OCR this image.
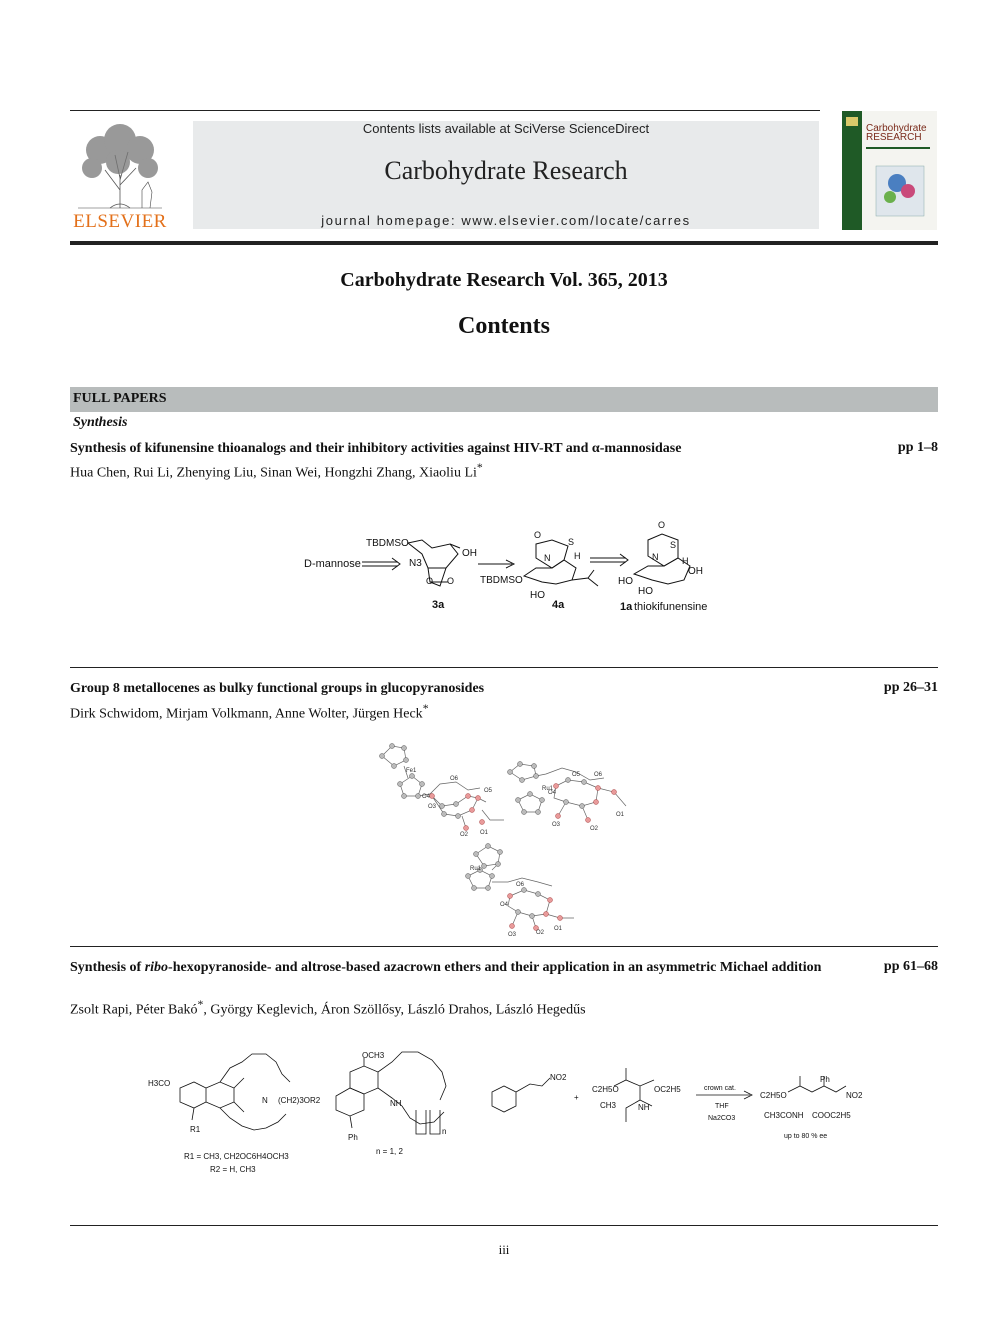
ELSEVIER
Contents lists available at SciVerse ScienceDirect
Carbohydrate Research
journal homepage: www.elsevier.com/locate/carres
Carbohydrate
RESEARCH
Carbohydrate Research Vol. 365, 2013
Contents
FULL PAPERS
Synthesis
Synthesis of kifunensine thioanalogs and their inhibitory activities against HIV-RT and α-mannosidase	pp 1–8
Hua Chen, Rui Li, Zhenying Liu, Sinan Wei, Hongzhi Zhang, Xiaoliu Li*
D-mannose
TBDMSO
OH
N3
O O
3a
TBDMSO
O
N
S
H
HO
4a
O
N
S
H
OH
HO
HO
1a thiokifunensine
Group 8 metallocenes as bulky functional groups in glucopyranosides	pp 26–31
Dirk Schwidom, Mirjam Volkmann, Anne Wolter, Jürgen Heck*
Fe1
O5
O6
O4
O3
O2 O1
Ru1
O5 O6
O4
O3
O2
O1
Ru1
O6
O4
O3	O2
O1
Synthesis of ribo-hexopyranoside- and altrose-based azacrown ethers and their application in an asymmetric Michael addition	pp 61–68
Zsolt Rapi, Péter Bakó*, György Keglevich, Áron Szöllősy, László Drahos, László Hegedűs
H3CO
N (CH2)3OR2
R1
R1 = CH3, CH2OC6H4OCH3
R2 = H, CH3
OCH3
NH
Ph
n
n = 1, 2
NO2
+
C2H5O	OC2H5
CH3	NH
crown cat.
THF
Na2CO3
Ph
NO2
C2H5O
CH3CONH COOC2H5
up to 80 % ee
iii
